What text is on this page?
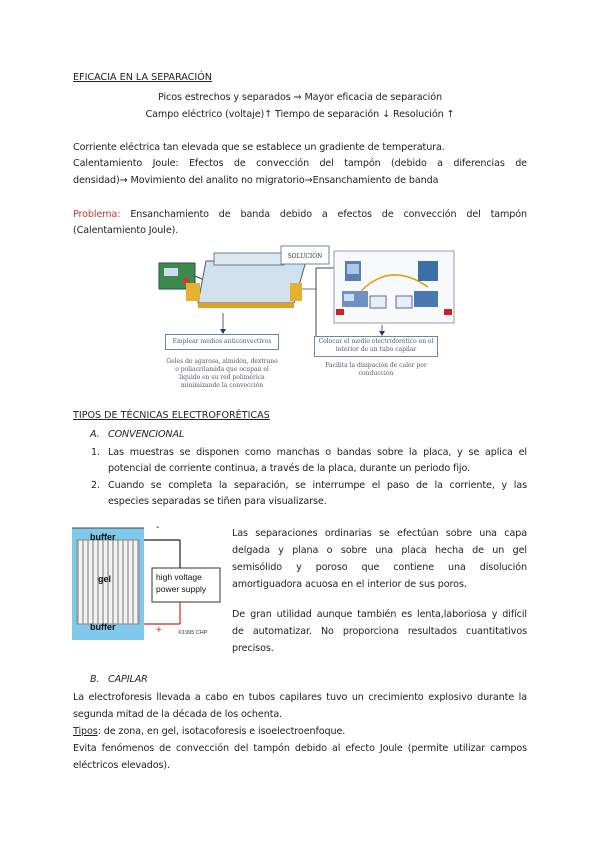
EFICACIA EN LA SEPARACIÓN
Picos estrechos y separados ⇒ Mayor eficacia de separación
Campo eléctrico (voltaje)↑ Tiempo de separación ↓ Resolución ↑
Corriente eléctrica tan elevada que se establece un gradiente de temperatura.
Calentamiento Joule: Efectos de convección del tampón (debido a diferencias de
densidad)→ Movimiento del analito no migratorio→Ensanchamiento de banda
Problema: Ensanchamiento de banda debido a efectos de convección del tampón
(Calentamiento Joule).
SOLUCIÓN
Emplear medios anticonvectivos
Geles de agarosa, almidón, dextrano o poliacrilamida que ocupan el líquido en su red polimérica minimizando la convección
Colocar el medio electroforético en el interior de un tubo capilar
Facilita la disipación de calor por conducción
TIPOS DE TÉCNICAS ELECTROFORÉTICAS
A. CONVENCIONAL
1. Las muestras se disponen como manchas o bandas sobre la placa, y se aplica el
potencial de corriente continua, a través de la placa, durante un periodo fijo.
2. Cuando se completa la separación, se interrumpe el paso de la corriente, y las
especies separadas se tiñen para visualizarse.
buffer
gel
buffer
high voltage
power supply
-
+	©1995 CHP
Las separaciones ordinarias se efectúan sobre una capa
delgada y plana o sobre una placa hecha de un gel
semisólido y poroso que contiene una disolución
amortiguadora acuosa en el interior de sus poros.
De gran utilidad aunque también es lenta,laboriosa y difícil
de automatizar. No proporciona resultados cuantitativos
precisos.
B. CAPILAR
La electroforesis llevada a cabo en tubos capilares tuvo un crecimiento explosivo durante la
segunda mitad de la década de los ochenta.
Tipos: de zona, en gel, isotacoforesis e isoelectroenfoque.
Evita fenómenos de convección del tampón debido al efecto Joule (permite utilizar campos
eléctricos elevados).
